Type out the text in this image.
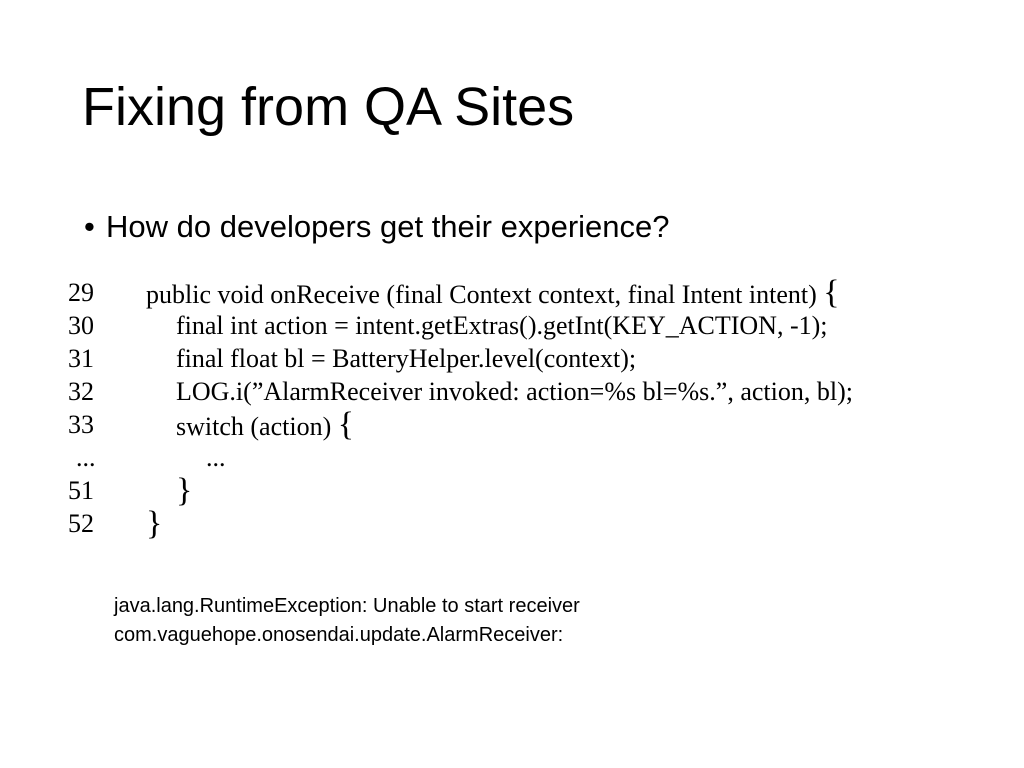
Fixing from QA Sites
• How do developers get their experience?
29	public void onReceive (final Context context, final Intent intent) {
30	final int action = intent.getExtras().getInt(KEY_ACTION, -1);
31	final float bl = BatteryHelper.level(context);
32	LOG.i(”AlarmReceiver invoked: action=%s bl=%s.”, action, bl);
33	switch (action) {
...	...
51	}
52	}
java.lang.RuntimeException: Unable to start receiver
com.vaguehope.onosendai.update.AlarmReceiver:
